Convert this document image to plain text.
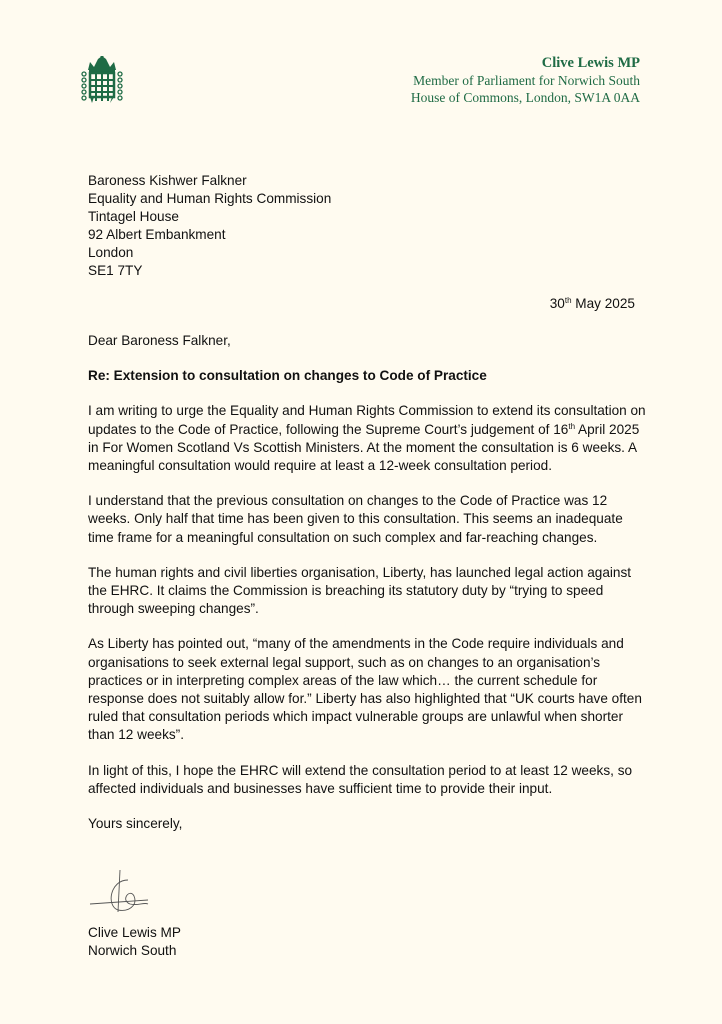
Clive Lewis MP
Member of Parliament for Norwich South
House of Commons, London, SW1A 0AA
Baroness Kishwer Falkner
Equality and Human Rights Commission
Tintagel House
92 Albert Embankment
London
SE1 7TY
30th May 2025

Dear Baroness Falkner,

Re: Extension to consultation on changes to Code of Practice

I am writing to urge the Equality and Human Rights Commission to extend its consultation on updates to the Code of Practice, following the Supreme Court’s judgement of 16th April 2025 in For Women Scotland Vs Scottish Ministers. At the moment the consultation is 6 weeks. A meaningful consultation would require at least a 12-week consultation period.

I understand that the previous consultation on changes to the Code of Practice was 12 weeks. Only half that time has been given to this consultation. This seems an inadequate time frame for a meaningful consultation on such complex and far-reaching changes.

The human rights and civil liberties organisation, Liberty, has launched legal action against the EHRC. It claims the Commission is breaching its statutory duty by “trying to speed through sweeping changes”.

As Liberty has pointed out, “many of the amendments in the Code require individuals and organisations to seek external legal support, such as on changes to an organisation’s practices or in interpreting complex areas of the law which… the current schedule for response does not suitably allow for.” Liberty has also highlighted that “UK courts have often ruled that consultation periods which impact vulnerable groups are unlawful when shorter than 12 weeks”.

In light of this, I hope the EHRC will extend the consultation period to at least 12 weeks, so affected individuals and businesses have sufficient time to provide their input.

Yours sincerely,

Clive Lewis MP
Norwich South
